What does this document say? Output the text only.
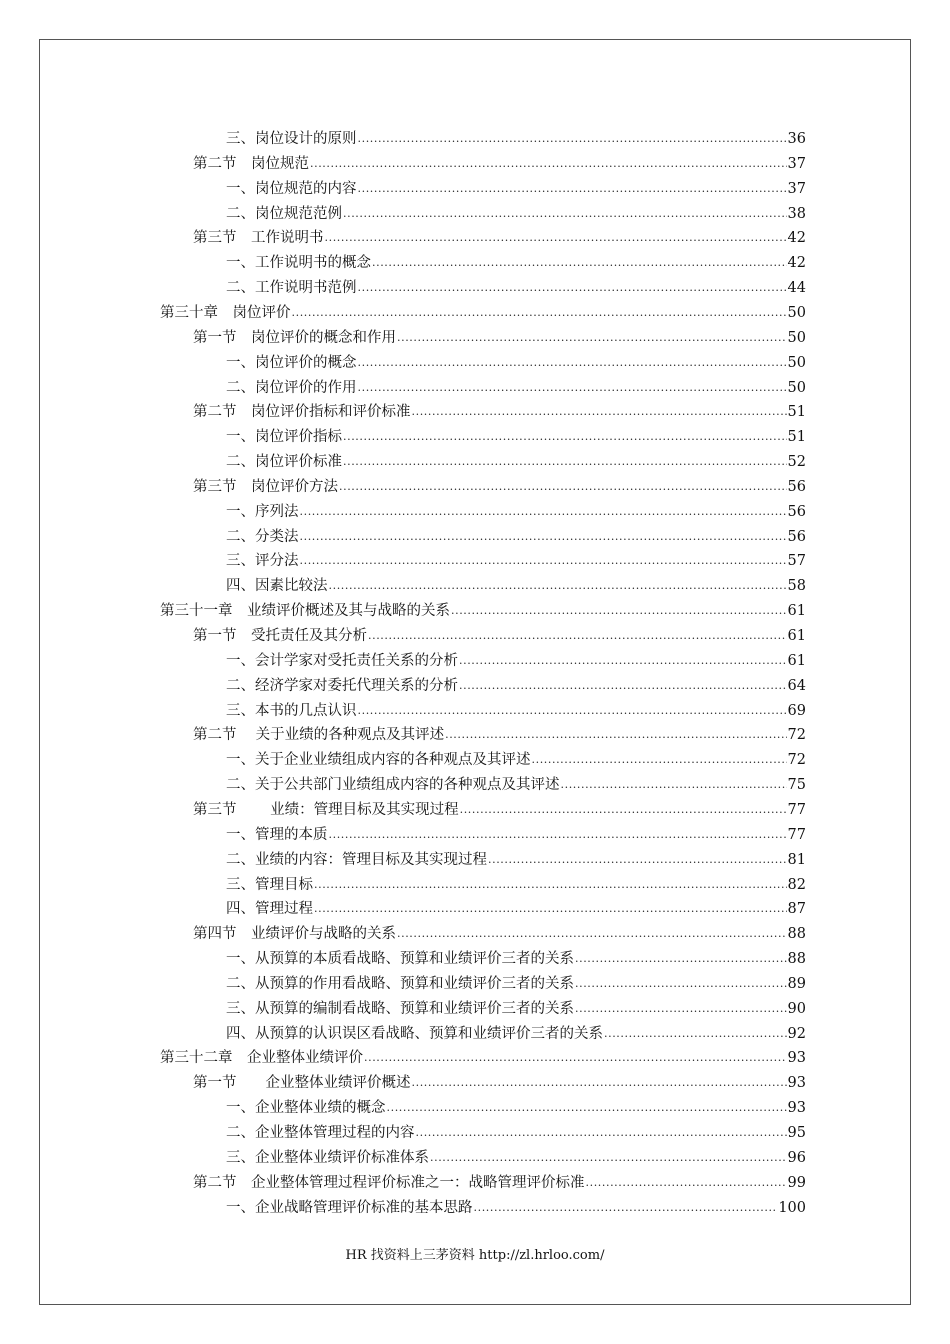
三、岗位设计的原则 .....	36
第二节　岗位规范 .....	37
一、岗位规范的内容 .....	37
二、岗位规范范例 .....	38
第三节　工作说明书 .....	42
一、工作说明书的概念 .....	42
二、工作说明书范例 .....	44
第三十章　岗位评价 .....	50
第一节　岗位评价的概念和作用 .....	50
一、岗位评价的概念 .....	50
二、岗位评价的作用 .....	50
第二节　岗位评价指标和评价标准 .....	51
一、岗位评价指标 .....	51
二、岗位评价标准 .....	52
第三节　岗位评价方法 .....	56
一、序列法 .....	56
二、分类法 .....	56
三、评分法 .....	57
四、因素比较法 .....	58
第三十一章　业绩评价概述及其与战略的关系 .....	61
第一节　受托责任及其分析 .....	61
一、会计学家对受托责任关系的分析 .....	61
二、经济学家对委托代理关系的分析 .....	64
三、本书的几点认识 .....	69
第二节　 关于业绩的各种观点及其评述 .....	72
一、关于企业业绩组成内容的各种观点及其评述 .....	72
二、关于公共部门业绩组成内容的各种观点及其评述 .....	75
第三节　　 业绩：管理目标及其实现过程 .....	77
一、管理的本质 .....	77
二、业绩的内容：管理目标及其实现过程 .....	81
三、管理目标 .....	82
四、管理过程 .....	87
第四节　业绩评价与战略的关系 .....	88
一、从预算的本质看战略、预算和业绩评价三者的关系 .....	88
二、从预算的作用看战略、预算和业绩评价三者的关系 .....	89
三、从预算的编制看战略、预算和业绩评价三者的关系 .....	90
四、从预算的认识误区看战略、预算和业绩评价三者的关系 .....	92
第三十二章　企业整体业绩评价 .....	93
第一节　　企业整体业绩评价概述 .....	93
一、企业整体业绩的概念 .....	93
二、企业整体管理过程的内容 .....	95
三、企业整体业绩评价标准体系 .....	96
第二节　企业整体管理过程评价标准之一：战略管理评价标准 .....	99
一、企业战略管理评价标准的基本思路 .....	100
HR 找资料上三茅资料 http://zl.hrloo.com/
